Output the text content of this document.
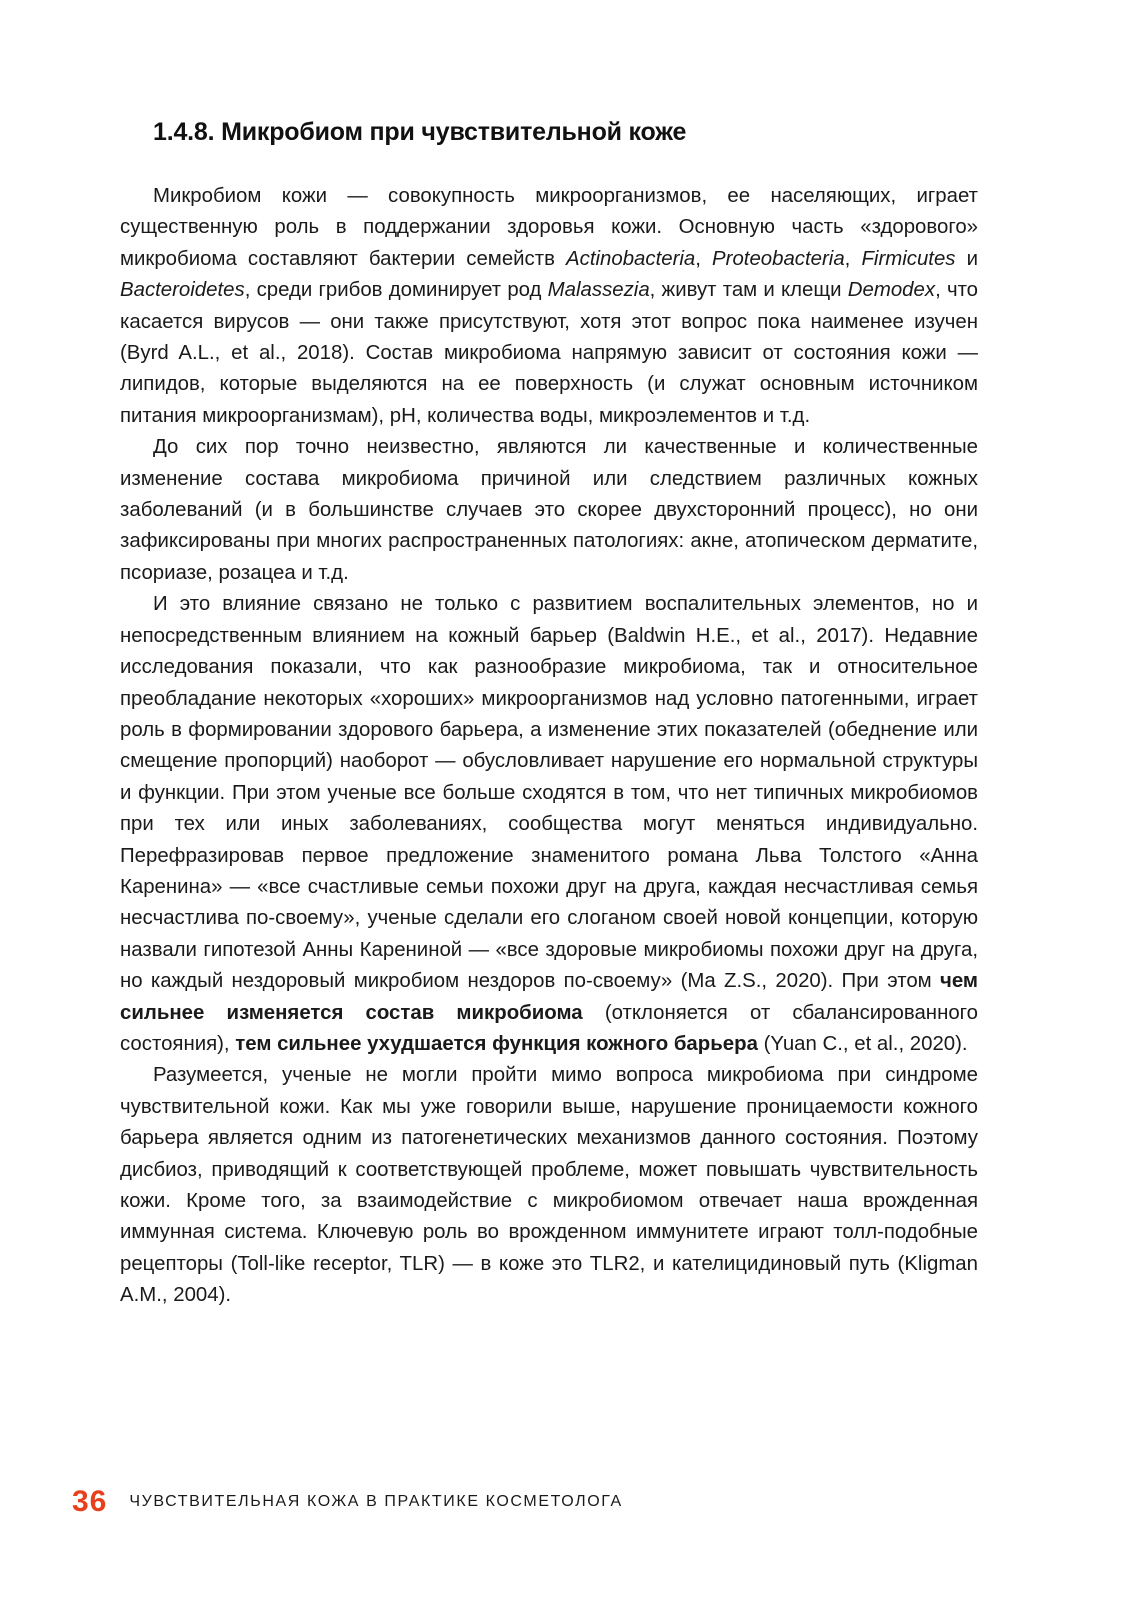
1.4.8. Микробиом при чувствительной коже

Микробиом кожи — совокупность микроорганизмов, ее населяющих, играет существенную роль в поддержании здоровья кожи. Основную часть «здорового» микробиома составляют бактерии семейств Actinobacteria, Proteobacteria, Firmicutes и Bacteroidetes, среди грибов доминирует род Malassezia, живут там и клещи Demodex, что касается вирусов — они также присутствуют, хотя этот вопрос пока наименее изучен (Byrd A.L., et al., 2018). Состав микробиома напрямую зависит от состояния кожи — липидов, которые выделяются на ее поверхность (и служат основным источником питания микроорганизмам), рН, количества воды, микроэлементов и т.д.

До сих пор точно неизвестно, являются ли качественные и количественные изменение состава микробиома причиной или следствием различных кожных заболеваний (и в большинстве случаев это скорее двухсторонний процесс), но они зафиксированы при многих распространенных патологиях: акне, атопическом дерматите, псориазе, розацеа и т.д.

И это влияние связано не только с развитием воспалительных элементов, но и непосредственным влиянием на кожный барьер (Baldwin H.E., et al., 2017). Недавние исследования показали, что как разнообразие микробиома, так и относительное преобладание некоторых «хороших» микроорганизмов над условно патогенными, играет роль в формировании здорового барьера, а изменение этих показателей (обеднение или смещение пропорций) наоборот — обусловливает нарушение его нормальной структуры и функции. При этом ученые все больше сходятся в том, что нет типичных микробиомов при тех или иных заболеваниях, сообщества могут меняться индивидуально. Перефразировав первое предложение знаменитого романа Льва Толстого «Анна Каренина» — «все счастливые семьи похожи друг на друга, каждая несчастливая семья несчастлива по-своему», ученые сделали его слоганом своей новой концепции, которую назвали гипотезой Анны Карениной — «все здоровые микробиомы похожи друг на друга, но каждый нездоровый микробиом нездоров по-своему» (Ma Z.S., 2020). При этом чем сильнее изменяется состав микробиома (отклоняется от сбалансированного состояния), тем сильнее ухудшается функция кожного барьера (Yuan C., et al., 2020).

Разумеется, ученые не могли пройти мимо вопроса микробиома при синдроме чувствительной кожи. Как мы уже говорили выше, нарушение проницаемости кожного барьера является одним из патогенетических механизмов данного состояния. Поэтому дисбиоз, приводящий к соответствующей проблеме, может повышать чувствительность кожи. Кроме того, за взаимодействие с микробиомом отвечает наша врожденная иммунная система. Ключевую роль во врожденном иммунитете играют толл-подобные рецепторы (Toll-like receptor, TLR) — в коже это TLR2, и кателицидиновый путь (Kligman A.M., 2004).

36 ЧУВСТВИТЕЛЬНАЯ КОЖА В ПРАКТИКЕ КОСМЕТОЛОГА
